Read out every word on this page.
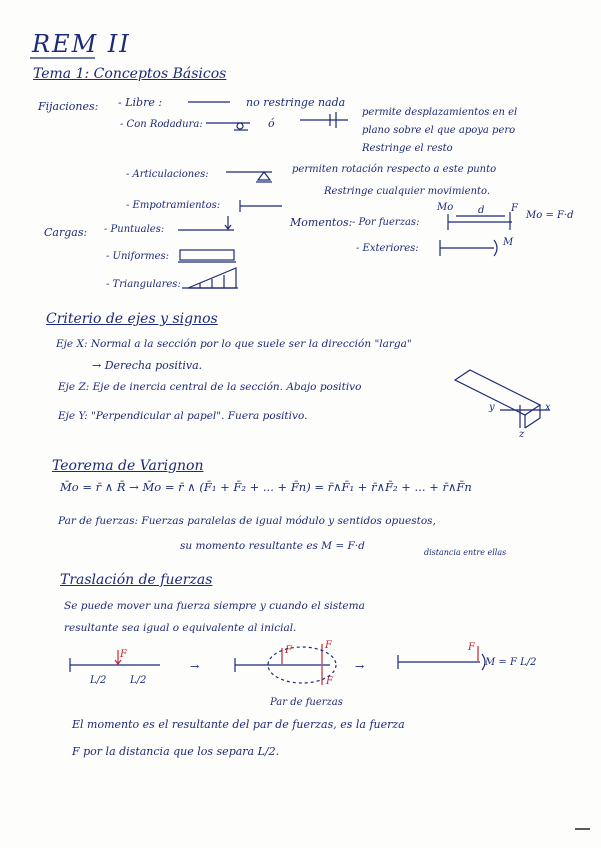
REM II
Tema 1: Conceptos Básicos
Fijaciones: - Libre :	no restringe nada
- Con Rodadura:	ó
permite desplazamientos en el
plano sobre el que apoya pero
Restringe el resto
- Articulaciones:	permiten rotación respecto a este punto
- Empotramientos:
Restringe cualquier movimiento.
Cargas: - Puntuales:
- Uniformes:
- Triangulares:
Momentos: - Por fuerzas:
Mo d	F
Mo = F·d
- Exteriores:
M
Criterio de ejes y signos
Eje X: Normal a la sección por lo que suele ser la dirección "larga"
→ Derecha positiva.
Eje Z: Eje de inercia central de la sección. Abajo positivo
Eje Y: "Perpendicular al papel". Fuera positivo.
y	x
z
Teorema de Varignon
M̄o = r̄ ∧ R̄ → M̄o = r̄ ∧ (F̄₁ + F̄₂ + ... + F̄n) = r̄∧F̄₁ + r̄∧F̄₂ + ... + r̄∧F̄n
Par de fuerzas: Fuerzas paralelas de igual módulo y sentidos opuestos,
su momento resultante es M = F·d
distancia entre ellas
Traslación de fuerzas
Se puede mover una fuerza siempre y cuando el sistema
resultante sea igual o equivalente al inicial.
F
L/2 L/2
→
F	F
F
→
F
M = F L/2
Par de fuerzas
El momento es el resultante del par de fuerzas, es la fuerza
F por la distancia que los separa L/2.
